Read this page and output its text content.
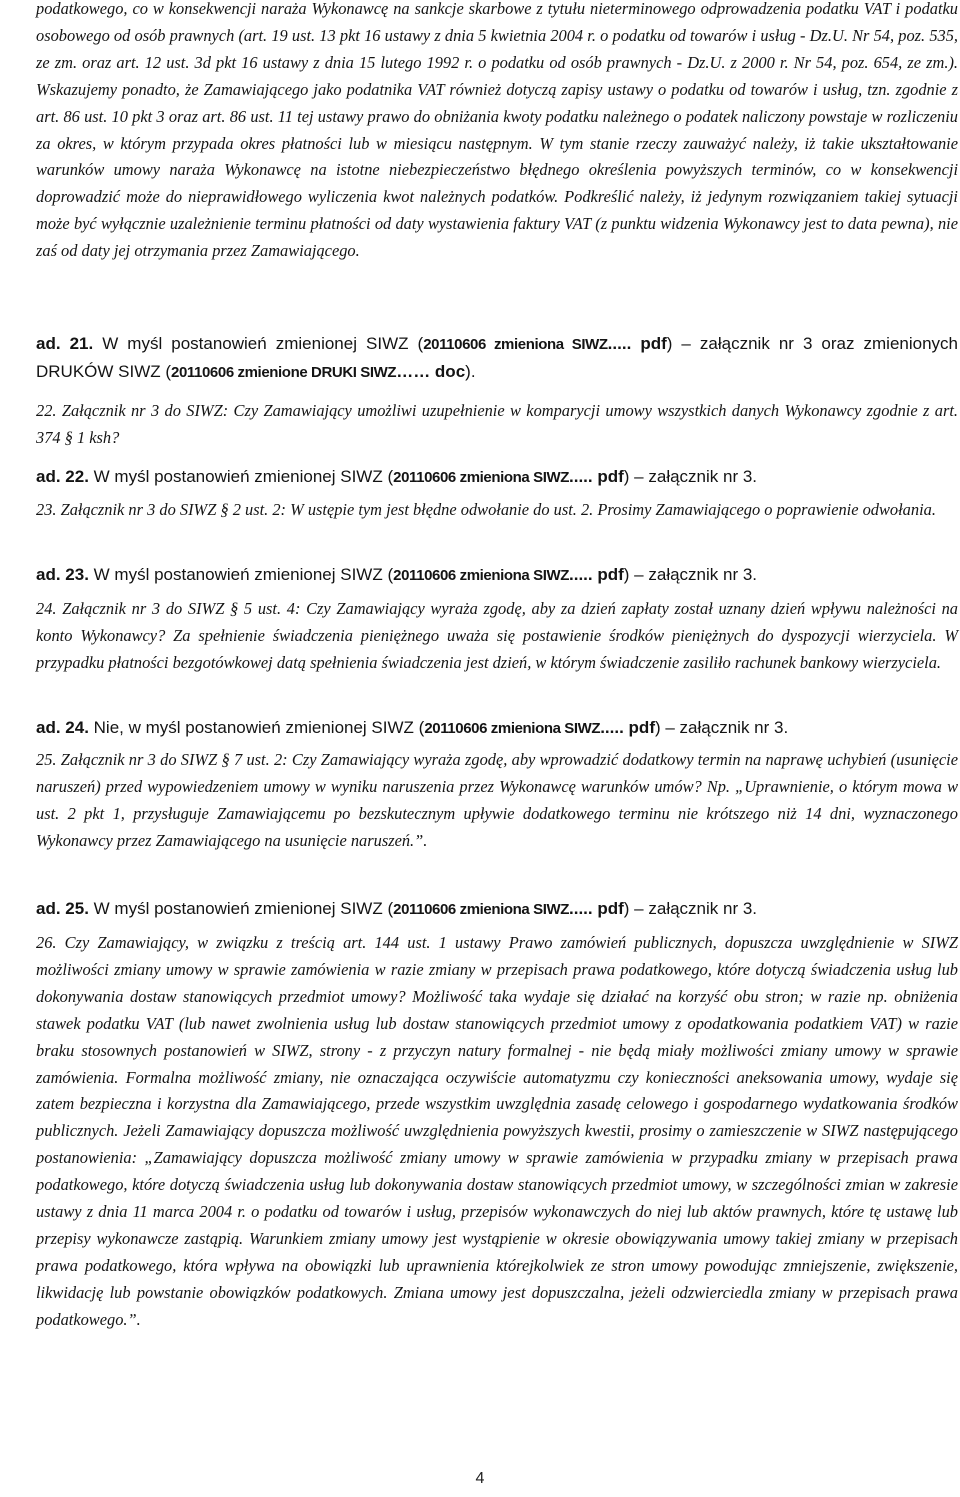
podatkowego, co w konsekwencji naraża Wykonawcę na sankcje skarbowe z tytułu nieterminowego odprowadzenia podatku VAT i podatku osobowego od osób prawnych (art. 19 ust. 13 pkt 16 ustawy z dnia 5 kwietnia 2004 r. o podatku od towarów i usług - Dz.U. Nr 54, poz. 535, ze zm. oraz art. 12 ust. 3d pkt 16 ustawy z dnia 15 lutego 1992 r. o podatku od osób prawnych - Dz.U. z 2000 r. Nr 54, poz. 654, ze zm.). Wskazujemy ponadto, że Zamawiającego jako podatnika VAT również dotyczą zapisy ustawy o podatku od towarów i usług, tzn. zgodnie z art. 86 ust. 10 pkt 3 oraz art. 86 ust. 11 tej ustawy prawo do obniżania kwoty podatku należnego o podatek naliczony powstaje w rozliczeniu za okres, w którym przypada okres płatności lub w miesiącu następnym. W tym stanie rzeczy zauważyć należy, iż takie ukształtowanie warunków umowy naraża Wykonawcę na istotne niebezpieczeństwo błędnego określenia powyższych terminów, co w konsekwencji doprowadzić może do nieprawidłowego wyliczenia kwot należnych podatków. Podkreślić należy, iż jedynym rozwiązaniem takiej sytuacji może być wyłącznie uzależnienie terminu płatności od daty wystawienia faktury VAT (z punktu widzenia Wykonawcy jest to data pewna), nie zaś od daty jej otrzymania przez Zamawiającego.

ad. 21. W myśl postanowień zmienionej SIWZ (20110606 zmieniona SIWZ..... pdf) – załącznik nr 3 oraz zmienionych DRUKÓW SIWZ (20110606 zmienione DRUKI SIWZ…… doc).

22. Załącznik nr 3 do SIWZ: Czy Zamawiający umożliwi uzupełnienie w komparycji umowy wszystkich danych Wykonawcy zgodnie z art. 374 § 1 ksh?

ad. 22. W myśl postanowień zmienionej SIWZ (20110606 zmieniona SIWZ..... pdf) – załącznik nr 3.

23. Załącznik nr 3 do SIWZ § 2 ust. 2: W ustępie tym jest błędne odwołanie do ust. 2. Prosimy Zamawiającego o poprawienie odwołania.

ad. 23. W myśl postanowień zmienionej SIWZ (20110606 zmieniona SIWZ..... pdf) – załącznik nr 3.

24. Załącznik nr 3 do SIWZ § 5 ust. 4: Czy Zamawiający wyraża zgodę, aby za dzień zapłaty został uznany dzień wpływu należności na konto Wykonawcy? Za spełnienie świadczenia pieniężnego uważa się postawienie środków pieniężnych do dyspozycji wierzyciela. W przypadku płatności bezgotówkowej datą spełnienia świadczenia jest dzień, w którym świadczenie zasiliło rachunek bankowy wierzyciela.

ad. 24. Nie, w myśl postanowień zmienionej SIWZ (20110606 zmieniona SIWZ..... pdf) – załącznik nr 3.

25. Załącznik nr 3 do SIWZ § 7 ust. 2: Czy Zamawiający wyraża zgodę, aby wprowadzić dodatkowy termin na naprawę uchybień (usunięcie naruszeń) przed wypowiedzeniem umowy w wyniku naruszenia przez Wykonawcę warunków umów? Np. „Uprawnienie, o którym mowa w ust. 2 pkt 1, przysługuje Zamawiającemu po bezskutecznym upływie dodatkowego terminu nie krótszego niż 14 dni, wyznaczonego Wykonawcy przez Zamawiającego na usunięcie naruszeń.”.

ad. 25. W myśl postanowień zmienionej SIWZ (20110606 zmieniona SIWZ..... pdf) – załącznik nr 3.

26. Czy Zamawiający, w związku z treścią art. 144 ust. 1 ustawy Prawo zamówień publicznych, dopuszcza uwzględnienie w SIWZ możliwości zmiany umowy w sprawie zamówienia w razie zmiany w przepisach prawa podatkowego, które dotyczą świadczenia usług lub dokonywania dostaw stanowiących przedmiot umowy? Możliwość taka wydaje się działać na korzyść obu stron; w razie np. obniżenia stawek podatku VAT (lub nawet zwolnienia usług lub dostaw stanowiących przedmiot umowy z opodatkowania podatkiem VAT) w razie braku stosownych postanowień w SIWZ, strony - z przyczyn natury formalnej - nie będą miały możliwości zmiany umowy w sprawie zamówienia. Formalna możliwość zmiany, nie oznaczająca oczywiście automatyzmu czy konieczności aneksowania umowy, wydaje się zatem bezpieczna i korzystna dla Zamawiającego, przede wszystkim uwzględnia zasadę celowego i gospodarnego wydatkowania środków publicznych. Jeżeli Zamawiający dopuszcza możliwość uwzględnienia powyższych kwestii, prosimy o zamieszczenie w SIWZ następującego postanowienia: „Zamawiający dopuszcza możliwość zmiany umowy w sprawie zamówienia w przypadku zmiany w przepisach prawa podatkowego, które dotyczą świadczenia usług lub dokonywania dostaw stanowiących przedmiot umowy, w szczególności zmian w zakresie ustawy z dnia 11 marca 2004 r. o podatku od towarów i usług, przepisów wykonawczych do niej lub aktów prawnych, które tę ustawę lub przepisy wykonawcze zastąpią. Warunkiem zmiany umowy jest wystąpienie w okresie obowiązywania umowy takiej zmiany w przepisach prawa podatkowego, która wpływa na obowiązki lub uprawnienia którejkolwiek ze stron umowy powodując zmniejszenie, zwiększenie, likwidację lub powstanie obowiązków podatkowych. Zmiana umowy jest dopuszczalna, jeżeli odzwierciedla zmiany w przepisach prawa podatkowego.”.

4
